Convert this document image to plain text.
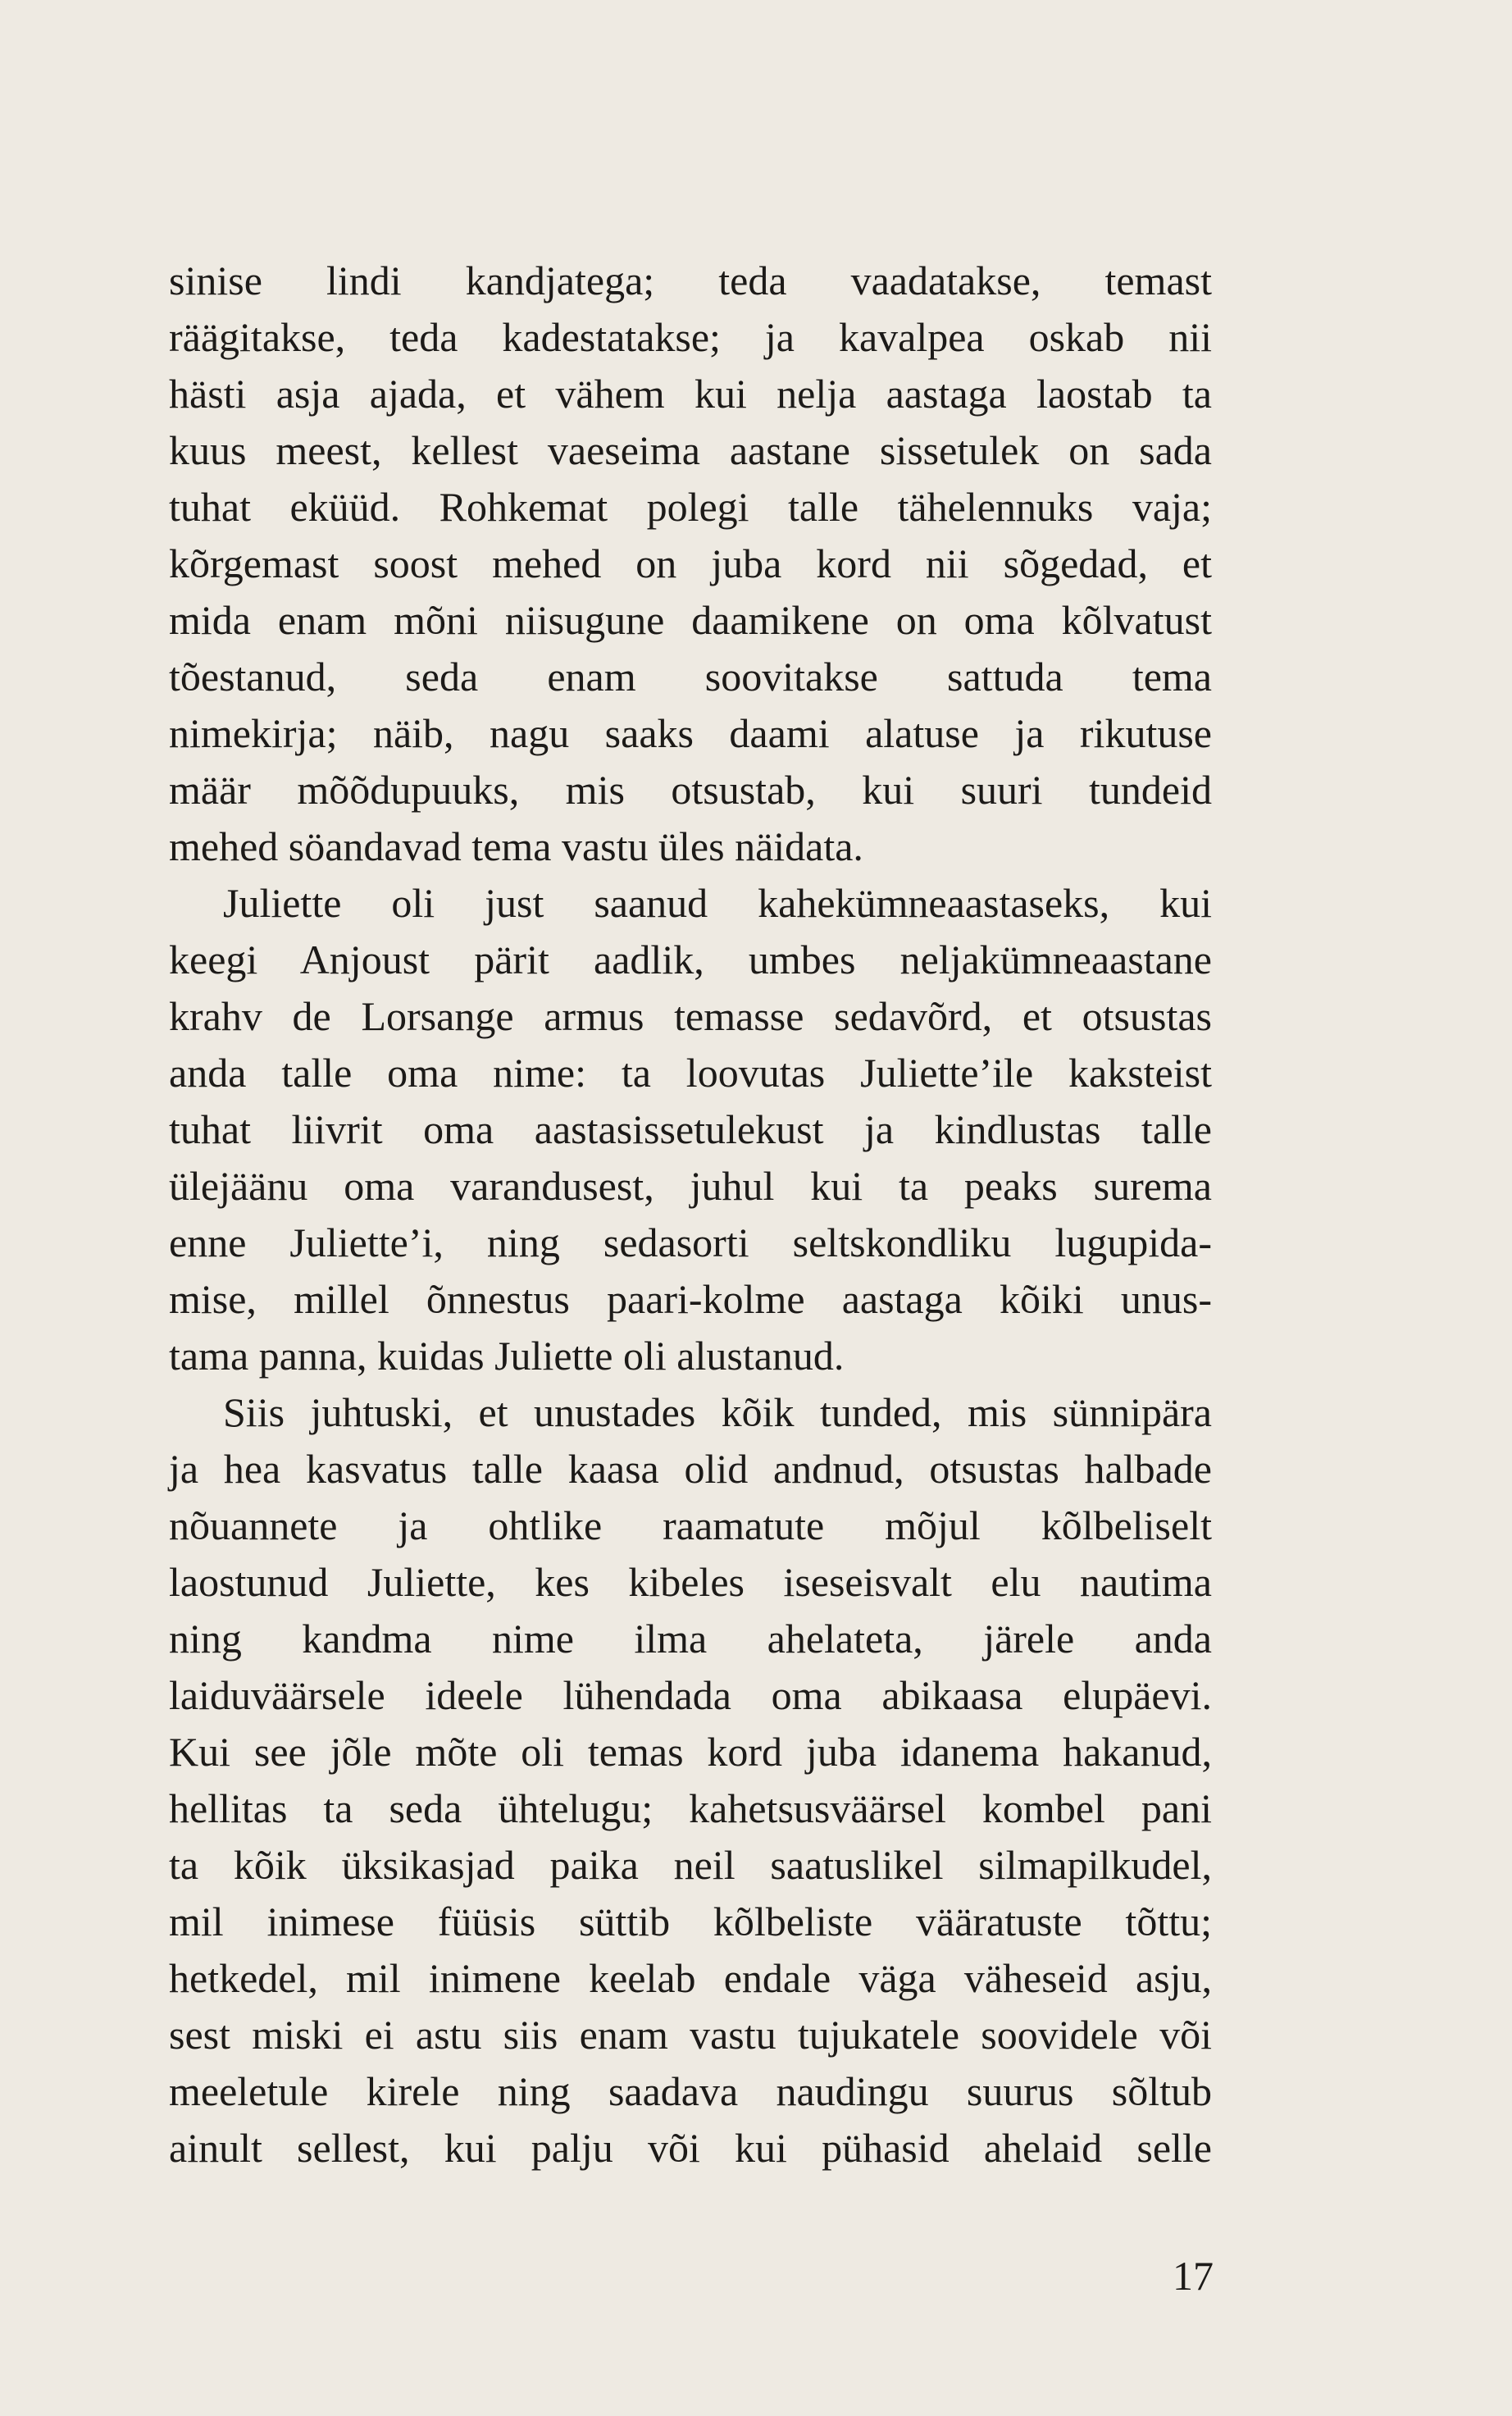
sinise lindi kandjatega; teda vaadatakse, temast
räägitakse, teda kadestatakse; ja kavalpea oskab nii
hästi asja ajada, et vähem kui nelja aastaga laostab ta
kuus meest, kellest vaeseima aastane sissetulek on sada
tuhat eküüd. Rohkemat polegi talle tähelennuks vaja;
kõrgemast soost mehed on juba kord nii sõgedad, et
mida enam mõni niisugune daamikene on oma kõlvatust
tõestanud, seda enam soovitakse sattuda tema
nimekirja; näib, nagu saaks daami alatuse ja rikutuse
määr mõõdupuuks, mis otsustab, kui suuri tundeid
mehed söandavad tema vastu üles näidata.
Juliette oli just saanud kahekümneaastaseks, kui
keegi Anjoust pärit aadlik, umbes neljakümneaastane
krahv de Lorsange armus temasse sedavõrd, et otsustas
anda talle oma nime: ta loovutas Juliette’ile kaksteist
tuhat liivrit oma aastasissetulekust ja kindlustas talle
ülejäänu oma varandusest, juhul kui ta peaks surema
enne Juliette’i, ning sedasorti seltskondliku lugupida-
mise, millel õnnestus paari-kolme aastaga kõiki unus-
tama panna, kuidas Juliette oli alustanud.
Siis juhtuski, et unustades kõik tunded, mis sünnipära
ja hea kasvatus talle kaasa olid andnud, otsustas halbade
nõuannete ja ohtlike raamatute mõjul kõlbeliselt
laostunud Juliette, kes kibeles iseseisvalt elu nautima
ning kandma nime ilma ahelateta, järele anda
laiduväärsele ideele lühendada oma abikaasa elupäevi.
Kui see jõle mõte oli temas kord juba idanema hakanud,
hellitas ta seda ühtelugu; kahetsusväärsel kombel pani
ta kõik üksikasjad paika neil saatuslikel silmapilkudel,
mil inimese füüsis süttib kõlbeliste vääratuste tõttu;
hetkedel, mil inimene keelab endale väga väheseid asju,
sest miski ei astu siis enam vastu tujukatele soovidele või
meeletule kirele ning saadava naudingu suurus sõltub
ainult sellest, kui palju või kui pühasid ahelaid selle
17
